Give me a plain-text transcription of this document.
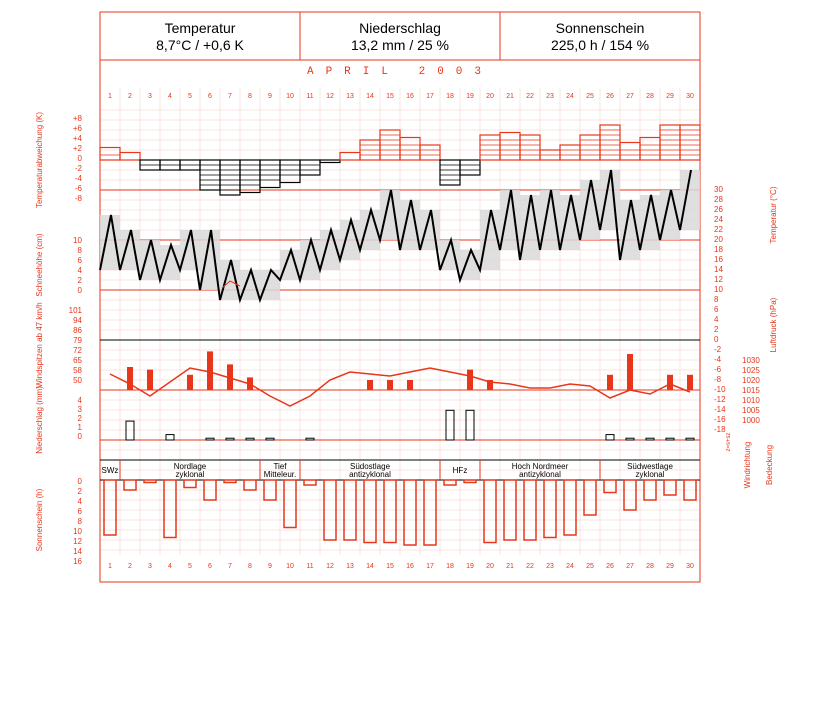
Temperatur
8,7°C / +0,6 K
Niederschlag
13,2 mm / 25 %
Sonnenschein
225,0 h / 154 %
APRIL 2003
1
1
2
2
3
3
4
4
5
5
6
6
7
7
8
8
9
9
10
10
11
11
12
12
13
13
14
14
15
15
16
16
17
17
18
18
19
19
20
20
21
21
22
22
23
23
24
24
25
25
26
26
27
27
28
28
29
29
30
30
+8
+6
+4
+2
0
-2
-4
-6
-8
30
28
26
24
22
20
18
16
14
12
10
8
6
4
2
0
-2
-4
-6
-8
-10
-12
-14
-16
-18
10
8
6
4
2
0
101
94
86
79
72
65
58
50
1030
1025
1020
1015
1010
1005
1000
4
3
2
1
0
SWz	Nordlage
zyklonal
Tief
Mitteleur.
Südostlage
antizyklonal	HFz	Hoch Nordmeer
antizyklonal
Südwestlage
zyklonal
0
2
4
6
8
10
12
14
16
Temperaturabweichung (K)
Schneehöhe (cm)
Windspitzen ab 47 km/h
Niederschlag (mm)
Sonnenschein (h)
Temperatur (°C)
Luftdruck (hPa)
Windrichtung Bedeckung
z=s+sz
